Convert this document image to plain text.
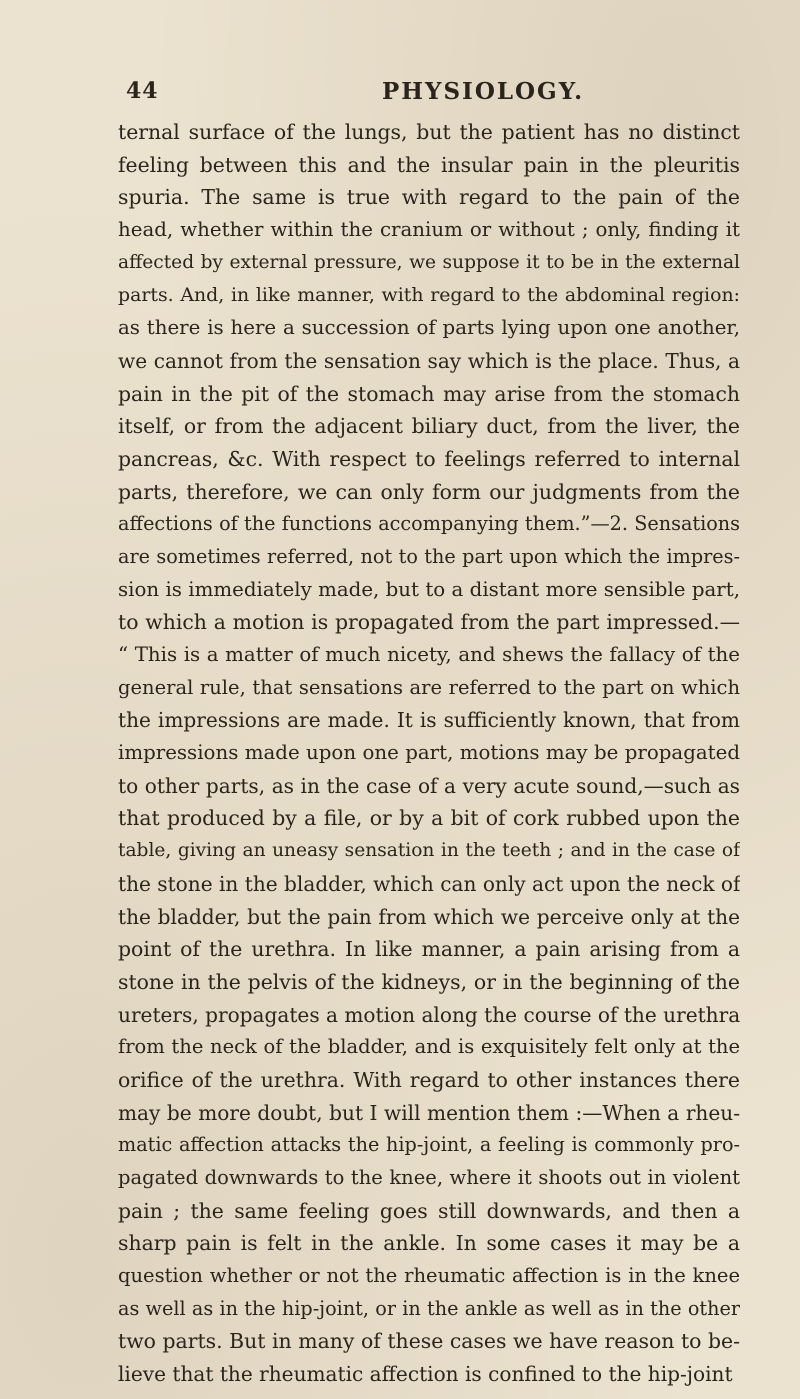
44	PHYSIOLOGY.
ternal surface of the lungs, but the patient has no distinct
feeling between this and the insular pain in the pleuritis
spuria. The same is true with regard to the pain of the
head, whether within the cranium or without ; only, finding it
affected by external pressure, we suppose it to be in the external
parts. And, in like manner, with regard to the abdominal region:
as there is here a succession of parts lying upon one another,
we cannot from the sensation say which is the place. Thus, a
pain in the pit of the stomach may arise from the stomach
itself, or from the adjacent biliary duct, from the liver, the
pancreas, &c. With respect to feelings referred to internal
parts, therefore, we can only form our judgments from the
affections of the functions accompanying them.”—2. Sensations
are sometimes referred, not to the part upon which the impres-
sion is immediately made, but to a distant more sensible part,
to which a motion is propagated from the part impressed.—
“ This is a matter of much nicety, and shews the fallacy of the
general rule, that sensations are referred to the part on which
the impressions are made. It is sufficiently known, that from
impressions made upon one part, motions may be propagated
to other parts, as in the case of a very acute sound,—such as
that produced by a file, or by a bit of cork rubbed upon the
table, giving an uneasy sensation in the teeth ; and in the case of
the stone in the bladder, which can only act upon the neck of
the bladder, but the pain from which we perceive only at the
point of the urethra. In like manner, a pain arising from a
stone in the pelvis of the kidneys, or in the beginning of the
ureters, propagates a motion along the course of the urethra
from the neck of the bladder, and is exquisitely felt only at the
orifice of the urethra. With regard to other instances there
may be more doubt, but I will mention them :—When a rheu-
matic affection attacks the hip-joint, a feeling is commonly pro-
pagated downwards to the knee, where it shoots out in violent
pain ; the same feeling goes still downwards, and then a
sharp pain is felt in the ankle. In some cases it may be a
question whether or not the rheumatic affection is in the knee
as well as in the hip-joint, or in the ankle as well as in the other
two parts. But in many of these cases we have reason to be-
lieve that the rheumatic affection is confined to the hip-joint
